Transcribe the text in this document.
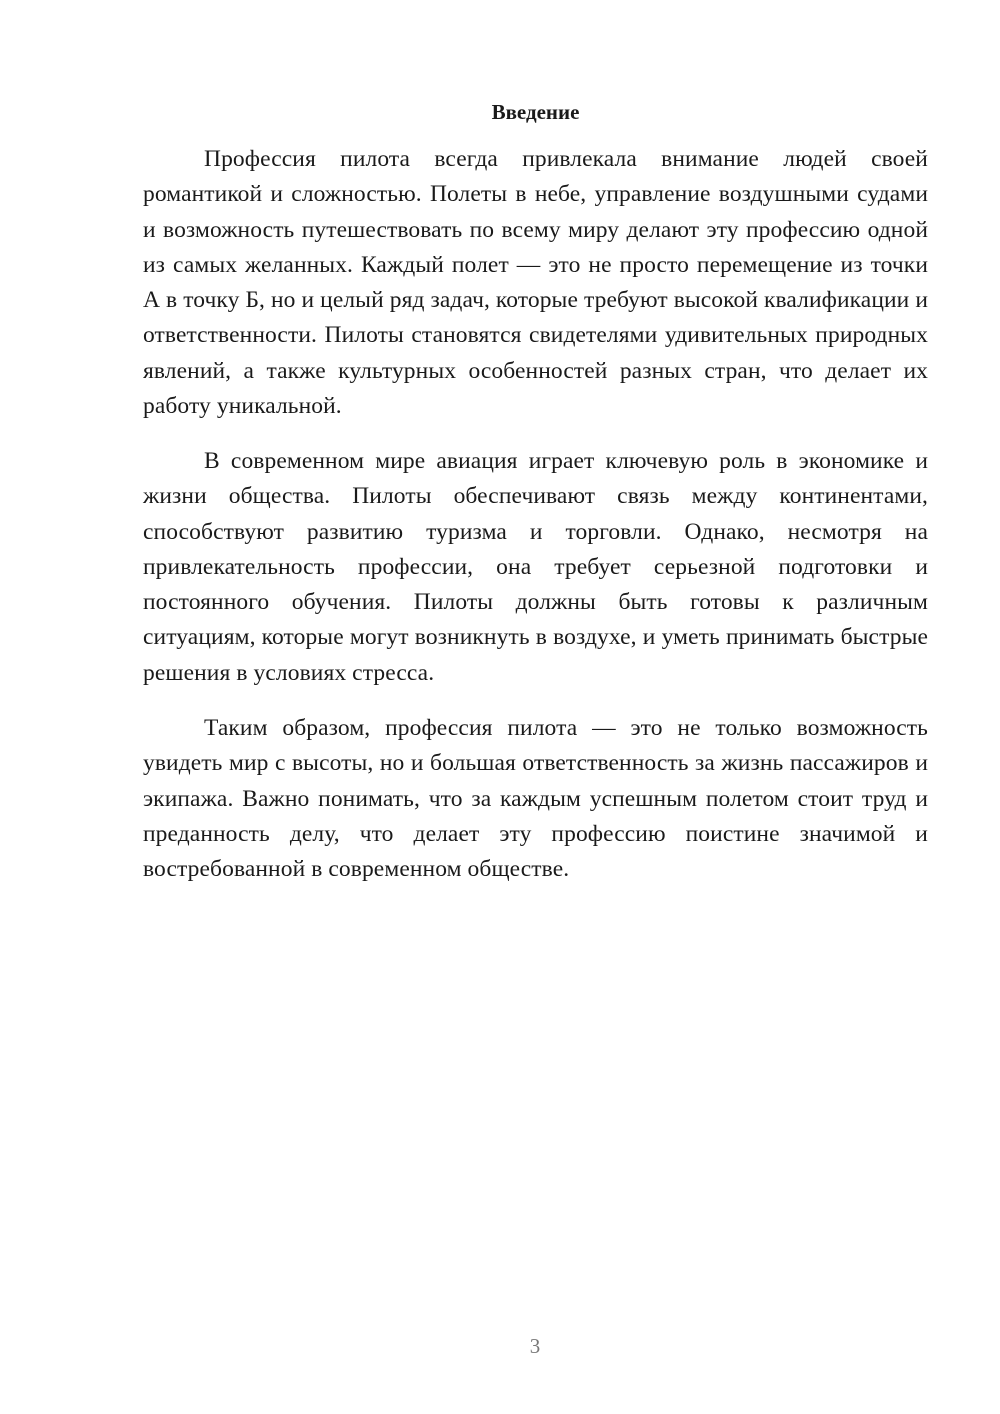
Введение

Профессия пилота всегда привлекала внимание людей своей романтикой и сложностью. Полеты в небе, управление воздушными судами и возможность путешествовать по всему миру делают эту профессию одной из самых желанных. Каждый полет — это не просто перемещение из точки А в точку Б, но и целый ряд задач, которые требуют высокой квалификации и ответственности. Пилоты становятся свидетелями удивительных природных явлений, а также культурных особенностей разных стран, что делает их работу уникальной.

В современном мире авиация играет ключевую роль в экономике и жизни общества. Пилоты обеспечивают связь между континентами, способствуют развитию туризма и торговли. Однако, несмотря на привлекательность профессии, она требует серьезной подготовки и постоянного обучения. Пилоты должны быть готовы к различным ситуациям, которые могут возникнуть в воздухе, и уметь принимать быстрые решения в условиях стресса.

Таким образом, профессия пилота — это не только возможность увидеть мир с высоты, но и большая ответственность за жизнь пассажиров и экипажа. Важно понимать, что за каждым успешным полетом стоит труд и преданность делу, что делает эту профессию поистине значимой и востребованной в современном обществе.

3
